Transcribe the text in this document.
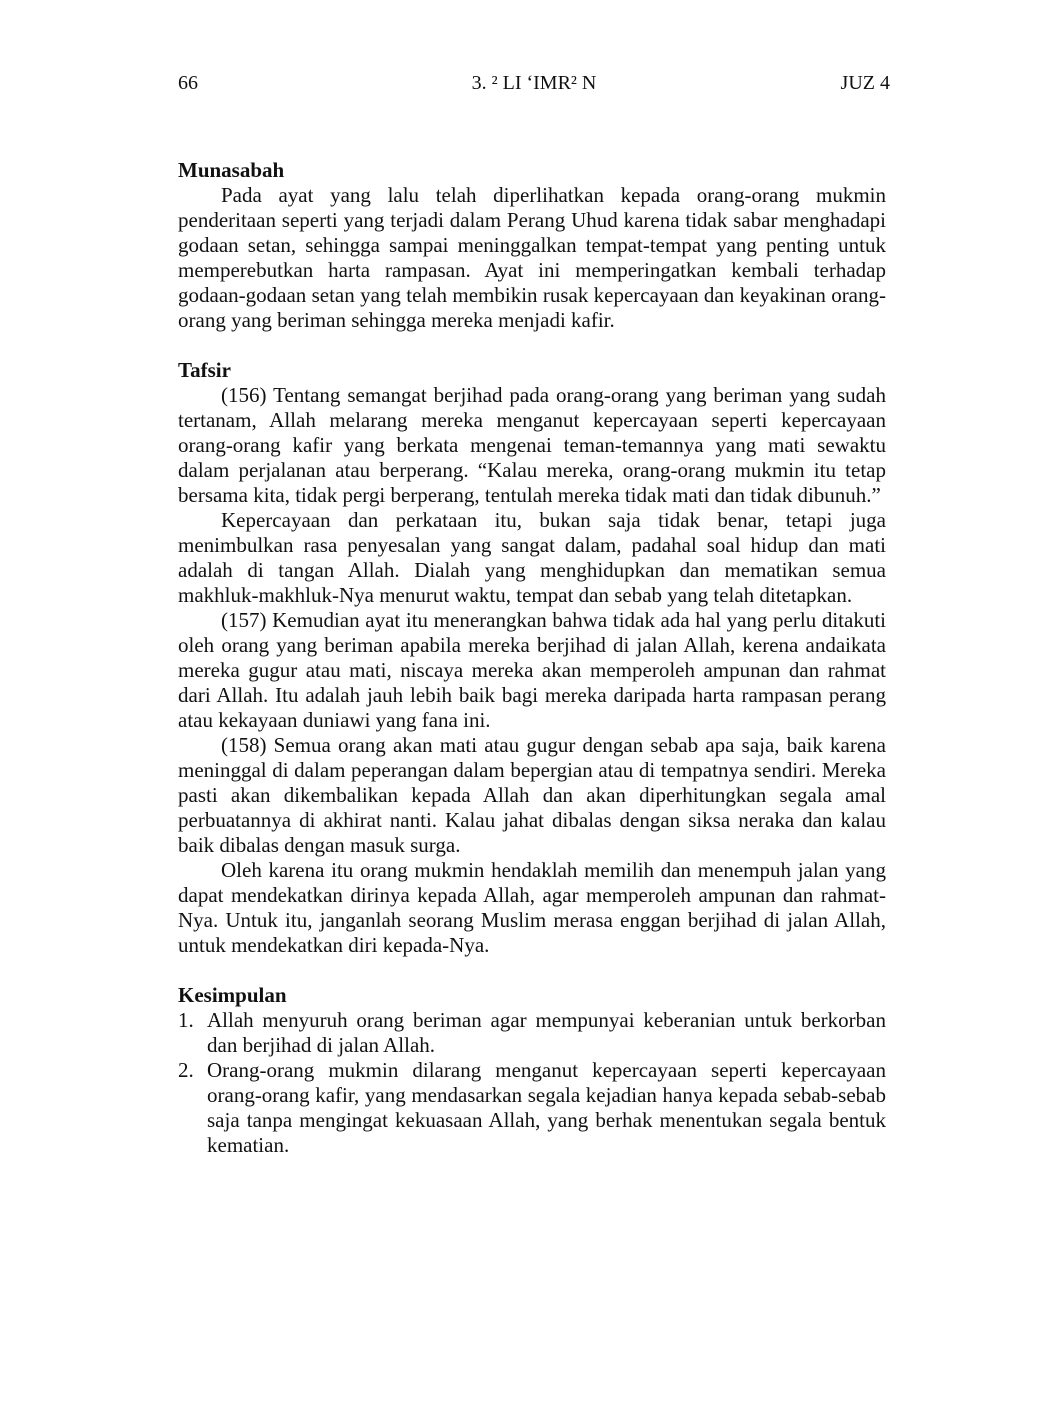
66	3. ² LI ‘IMR² N	JUZ 4
Munasabah

Pada ayat yang lalu telah diperlihatkan kepada orang-orang mukmin penderitaan seperti yang terjadi dalam Perang Uhud karena tidak sabar menghadapi godaan setan, sehingga sampai meninggalkan tempat-tempat yang penting untuk memperebutkan harta rampasan. Ayat ini memperingatkan kembali terhadap godaan-godaan setan yang telah membikin rusak kepercayaan dan keyakinan orang-orang yang beriman sehingga mereka menjadi kafir.

Tafsir

(156) Tentang semangat berjihad pada orang-orang yang beriman yang sudah tertanam, Allah melarang mereka menganut kepercayaan seperti kepercayaan orang-orang kafir yang berkata mengenai teman-temannya yang mati sewaktu dalam perjalanan atau berperang. “Kalau mereka, orang-orang mukmin itu tetap bersama kita, tidak pergi berperang, tentulah mereka tidak mati dan tidak dibunuh.”

Kepercayaan dan perkataan itu, bukan saja tidak benar, tetapi juga menimbulkan rasa penyesalan yang sangat dalam, padahal soal hidup dan mati adalah di tangan Allah. Dialah yang menghidupkan dan mematikan semua makhluk-makhluk-Nya menurut waktu, tempat dan sebab yang telah ditetapkan.

(157) Kemudian ayat itu menerangkan bahwa tidak ada hal yang perlu ditakuti oleh orang yang beriman apabila mereka berjihad di jalan Allah, kerena andaikata mereka gugur atau mati, niscaya mereka akan memperoleh ampunan dan rahmat dari Allah. Itu adalah jauh lebih baik bagi mereka daripada harta rampasan perang atau kekayaan duniawi yang fana ini.

(158) Semua orang akan mati atau gugur dengan sebab apa saja, baik karena meninggal di dalam peperangan dalam bepergian atau di tempatnya sendiri. Mereka pasti akan dikembalikan kepada Allah dan akan diperhitungkan segala amal perbuatannya di akhirat nanti. Kalau jahat dibalas dengan siksa neraka dan kalau baik dibalas dengan masuk surga.

Oleh karena itu orang mukmin hendaklah memilih dan menempuh jalan yang dapat mendekatkan dirinya kepada Allah, agar memperoleh ampunan dan rahmat-Nya. Untuk itu, janganlah seorang Muslim merasa enggan berjihad di jalan Allah, untuk mendekatkan diri kepada-Nya.

Kesimpulan
1. Allah menyuruh orang beriman agar mempunyai keberanian untuk berkorban dan berjihad di jalan Allah.
2. Orang-orang mukmin dilarang menganut kepercayaan seperti kepercayaan orang-orang kafir, yang mendasarkan segala kejadian hanya kepada sebab-sebab saja tanpa mengingat kekuasaan Allah, yang berhak menentukan segala bentuk kematian.
